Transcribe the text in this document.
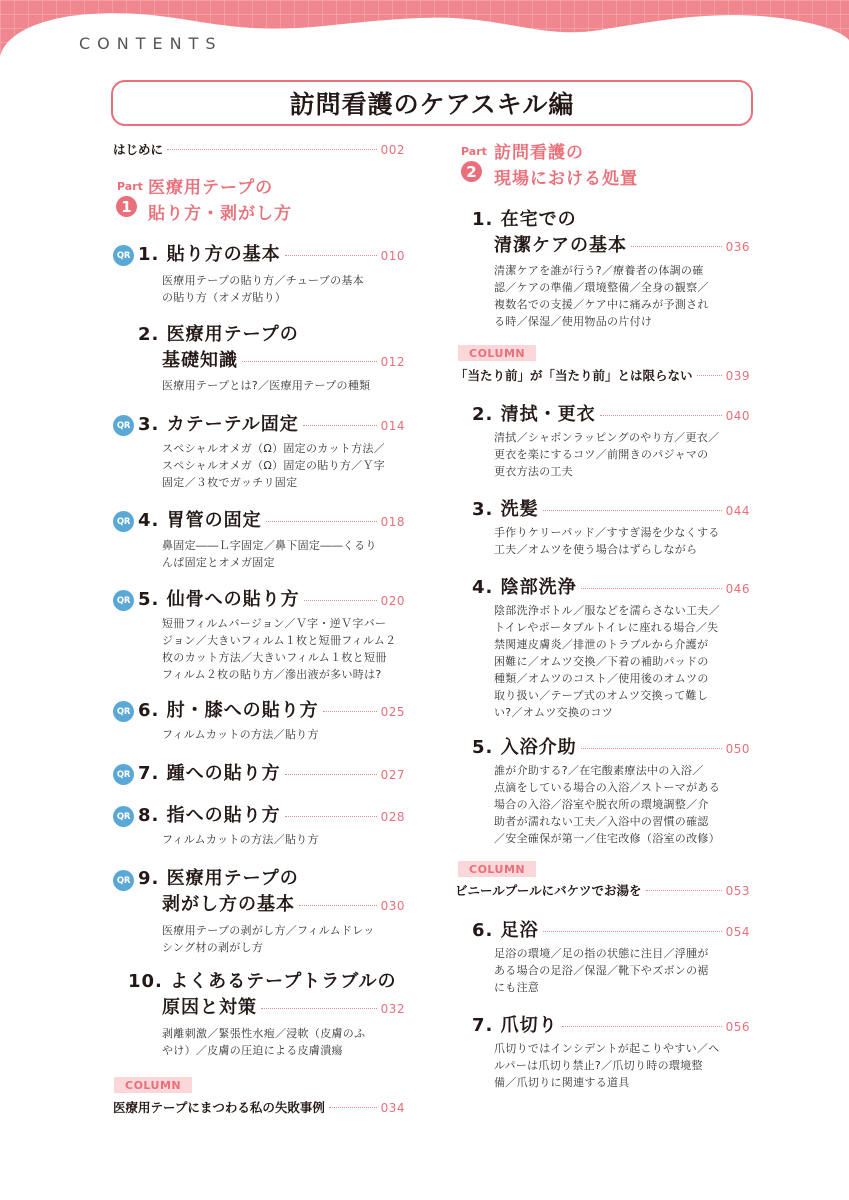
CONTENTS
訪問看護のケアスキル編
はじめに	002
Part
1
医療用テープの
貼り方・剥がし方
QR 1. 貼り方の基本	010
医療用テープの貼り方／チューブの基本
の貼り方（オメガ貼り）
2. 医療用テープの
基礎知識	012
医療用テープとは?／医療用テープの種類
QR 3. カテーテル固定	014
スペシャルオメガ（Ω）固定のカット方法／
スペシャルオメガ（Ω）固定の貼り方／Ｙ字
固定／３枚でガッチリ固定
QR 4. 胃管の固定	018
鼻固定――Ｌ字固定／鼻下固定――くるり
んぱ固定とオメガ固定
QR 5. 仙骨への貼り方	020
短冊フィルムバージョン／Ｖ字・逆Ｖ字バー
ジョン／大きいフィルム１枚と短冊フィルム２
枚のカット方法／大きいフィルム１枚と短冊
フィルム２枚の貼り方／滲出液が多い時は?
QR 6. 肘・膝への貼り方	025
フィルムカットの方法／貼り方
QR 7. 踵への貼り方	027
QR 8. 指への貼り方	028
フィルムカットの方法／貼り方
QR 9. 医療用テープの
剥がし方の基本	030
医療用テープの剥がし方／フィルムドレッ
シング材の剥がし方
10. よくあるテープトラブルの
原因と対策	032
剥離刺激／緊張性水疱／浸軟（皮膚のふ
やけ）／皮膚の圧迫による皮膚潰瘍
COLUMN
医療用テープにまつわる私の失敗事例	034
Part
2
訪問看護の
現場における処置
1. 在宅での
清潔ケアの基本	036
清潔ケアを誰が行う?／療養者の体調の確
認／ケアの準備／環境整備／全身の観察／
複数名での支援／ケア中に痛みが予測され
る時／保湿／使用物品の片付け
COLUMN
「当たり前」が「当たり前」とは限らない	039
2. 清拭・更衣	040
清拭／シャボンラッピングのやり方／更衣／
更衣を楽にするコツ／前開きのパジャマの
更衣方法の工夫
3. 洗髪	044
手作りケリーパッド／すすぎ湯を少なくする
工夫／オムツを使う場合はずらしながら
4. 陰部洗浄	046
陰部洗浄ボトル／服などを濡らさない工夫／
トイレやポータブルトイレに座れる場合／失
禁関連皮膚炎／排泄のトラブルから介護が
困難に／オムツ交換／下着の補助パッドの
種類／オムツのコスト／使用後のオムツの
取り扱い／テープ式のオムツ交換って難し
い?／オムツ交換のコツ
5. 入浴介助	050
誰が介助する?／在宅酸素療法中の入浴／
点滴をしている場合の入浴／ストーマがある
場合の入浴／浴室や脱衣所の環境調整／介
助者が濡れない工夫／入浴中の習慣の確認
／安全確保が第一／住宅改修（浴室の改修）
COLUMN
ビニールプールにバケツでお湯を	053
6. 足浴	054
足浴の環境／足の指の状態に注目／浮腫が
ある場合の足浴／保湿／靴下やズボンの裾
にも注意
7. 爪切り	056
爪切りではインシデントが起こりやすい／ヘ
ルパーは爪切り禁止?／爪切り時の環境整
備／爪切りに関連する道具
